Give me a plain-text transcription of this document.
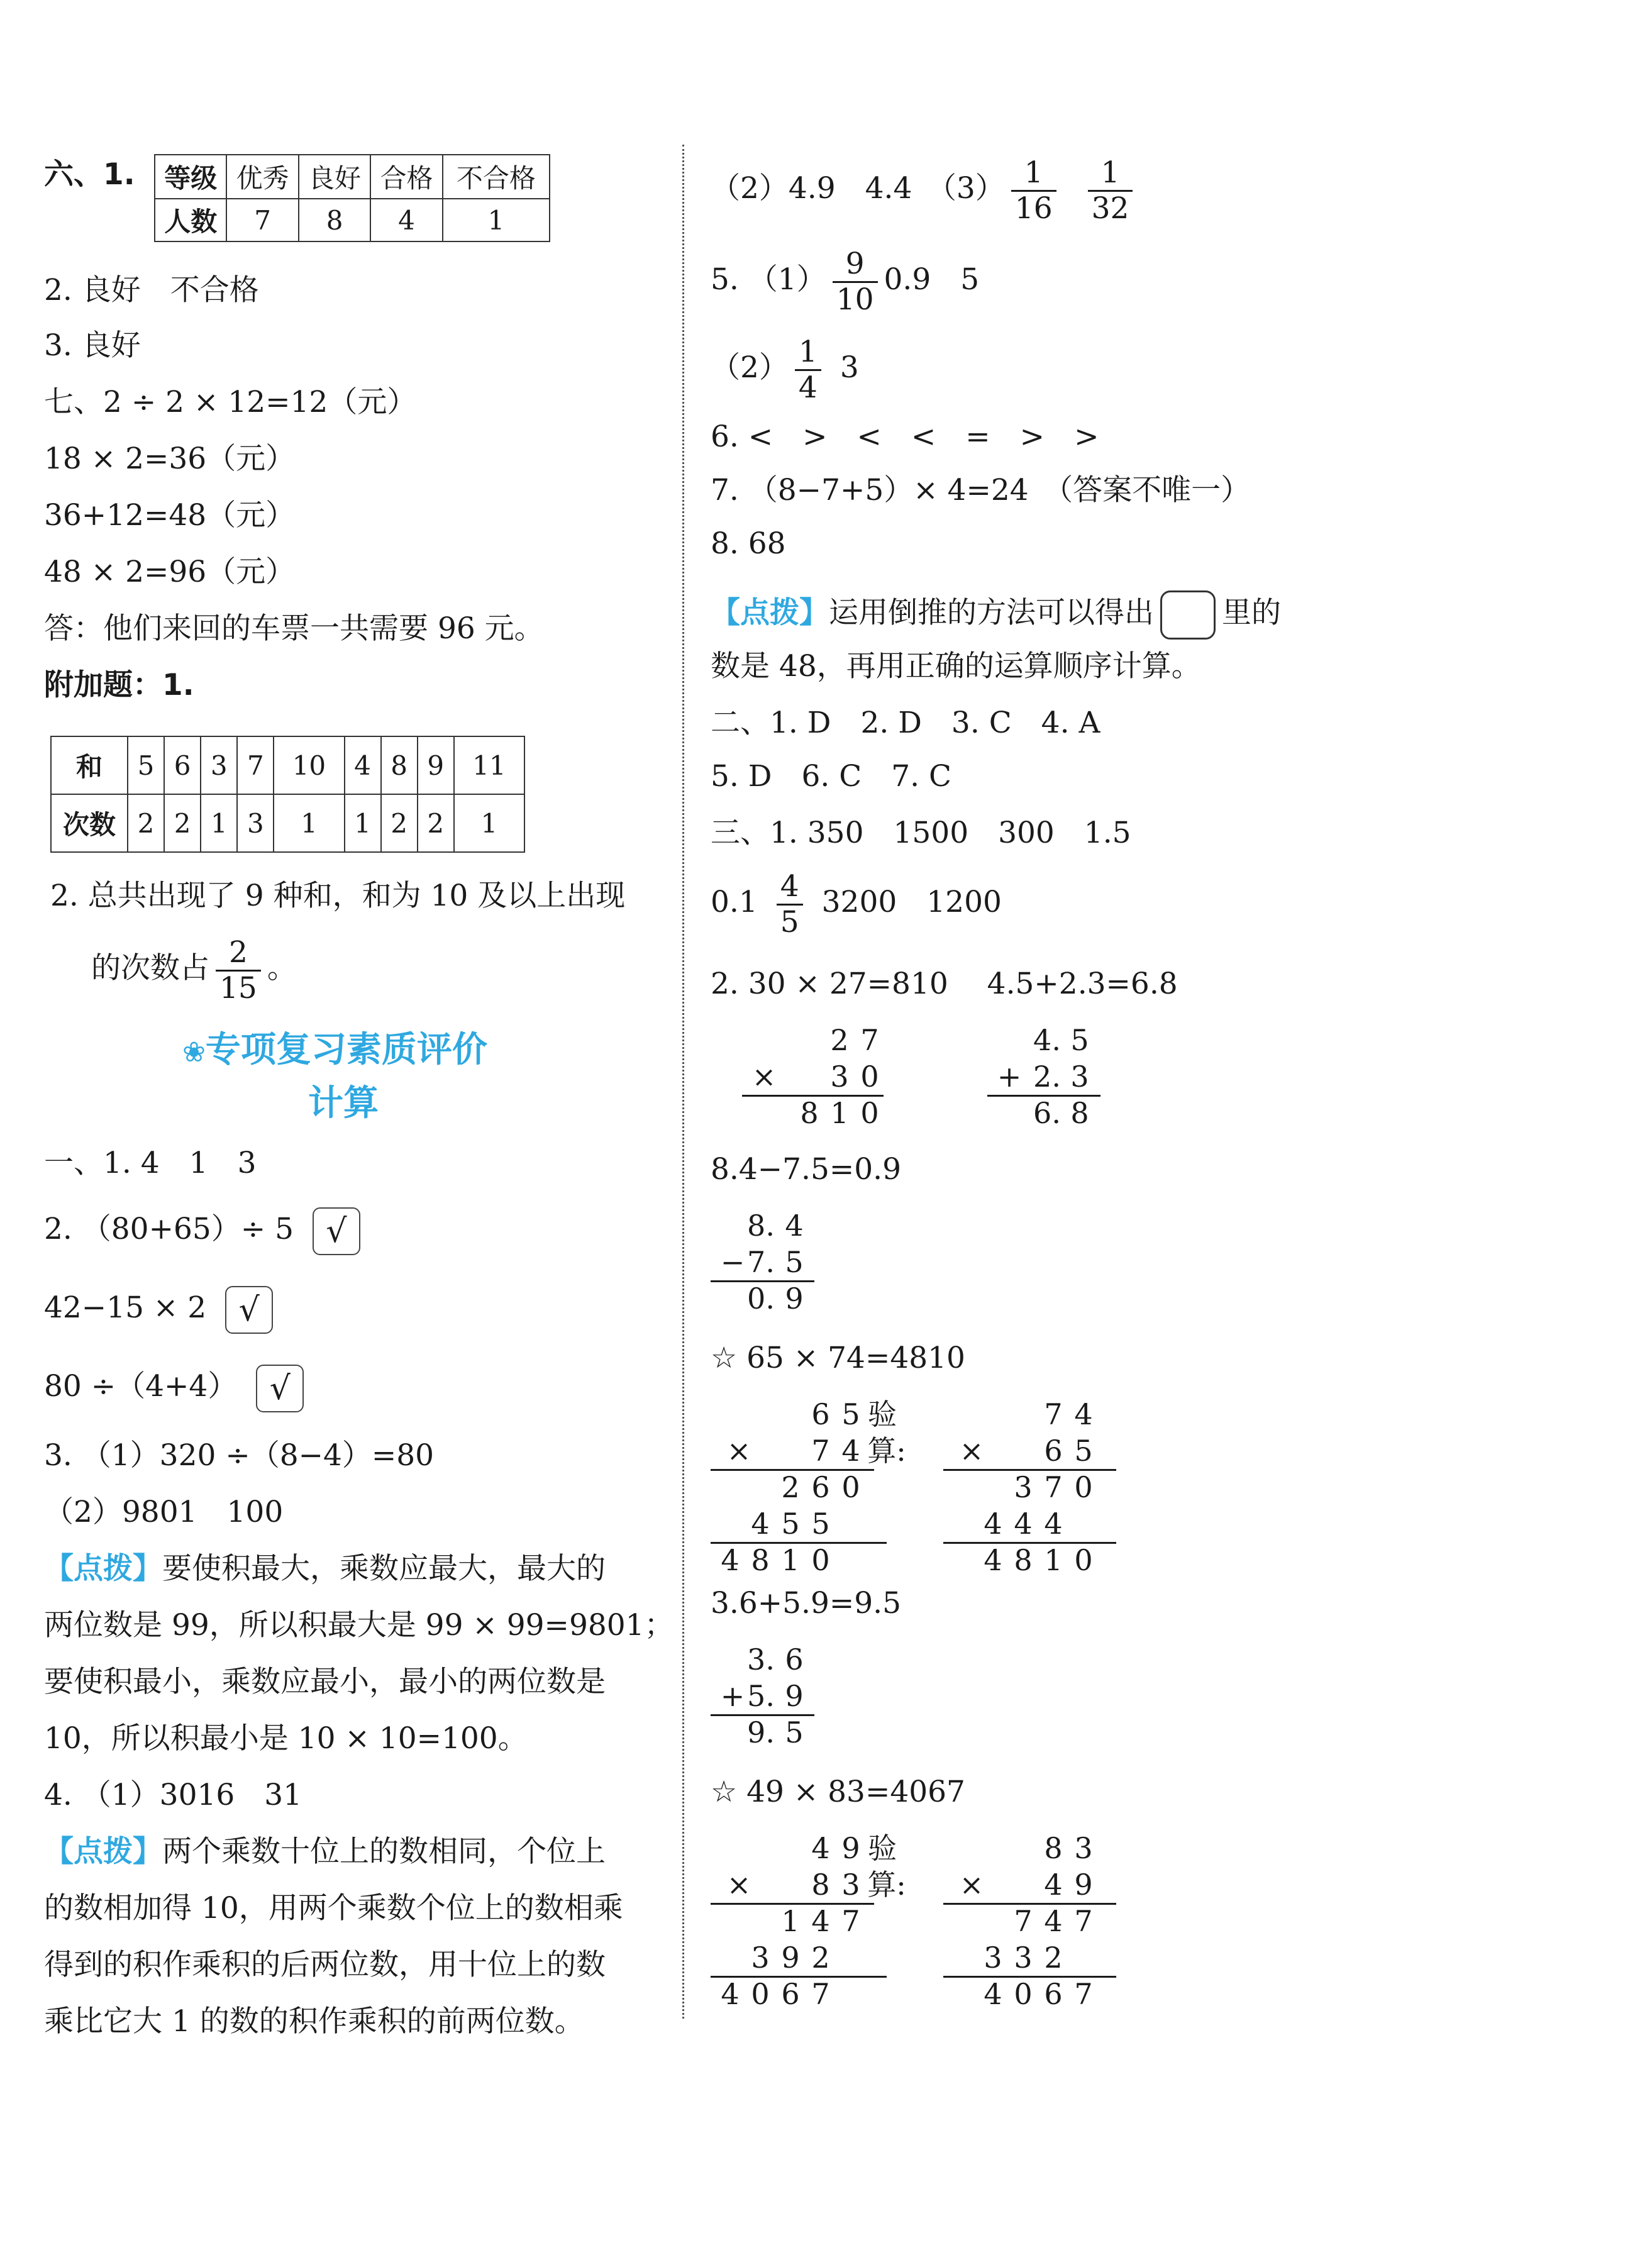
六、1. 等级	优秀	良好	合格	不合格
人数	7	8	4	1
2. 良好　不合格
3. 良好
七、2 ÷ 2 × 12=12（元）
18 × 2=36（元）
36+12=48（元）
48 × 2=96（元）
答：他们来回的车票一共需要 96 元。
附加题：1.
和	5	6	3	7	10	4	8	9	11
次数	2	2	1	3	1	1	2	2	1
2. 总共出现了 9 种和，和为 10 及以上出现
的次数占 $\frac{2}{15}$ 。
❀专项复习素质评价
计算
一、1. 4　1　3
2. （80+65）÷ 5 √
42−15 × 2 √
80 ÷（4+4） √
3. （1）320 ÷（8−4）=80
（2）9801　100
【点拨】要使积最大，乘数应最大，最大的
两位数是 99，所以积最大是 99 × 99=9801；
要使积最小，乘数应最小，最小的两位数是
10，所以积最小是 10 × 10=100。
4. （1）3016　31
【点拨】两个乘数十位上的数相同，个位上
的数相加得 10，用两个乘数个位上的数相乘
得到的积作乘积的后两位数，用十位上的数
乘比它大 1 的数的积作乘积的前两位数。
（2）4.9　4.4　$(3) \frac{1}{16} \frac{1}{32}$
5. $(1) \frac{9}{10} 0.9$　5
$(2) \frac{1}{4} 3$
6. <　>　<　<　=　>　>
7. （8−7+5）× 4=24　（答案不唯一）
8. 68
【点拨】运用倒推的方法可以得出 里的
数是 48，再用正确的运算顺序计算。
二、1. D　2. D　3. C　4. A
5. D　6. C　7. C
三、1. 350　1500　300　1.5
$0.1 \frac{4}{5} 3200$　1200
2. 30 × 27=810　 4.5+2.3=6.8
2 7
×	3 0
8 1 0
4. 5
+ 2. 3
6. 8
8.4−7.5=0.9
8. 4
− 7. 5
0. 9
☆ 65 × 74=4810
6 5 验
×	7 4 算:
2 6 0
4 5 5
4 8 1 0
7 4
×	6 5
3 7 0
4 4 4
4 8 1 0
3.6+5.9=9.5
3. 6
+ 5. 9
9. 5
☆ 49 × 83=4067
4 9 验
×	8 3 算:
1 4 7
3 9 2
4 0 6 7
8 3
×	4 9
7 4 7
3 3 2
4 0 6 7
